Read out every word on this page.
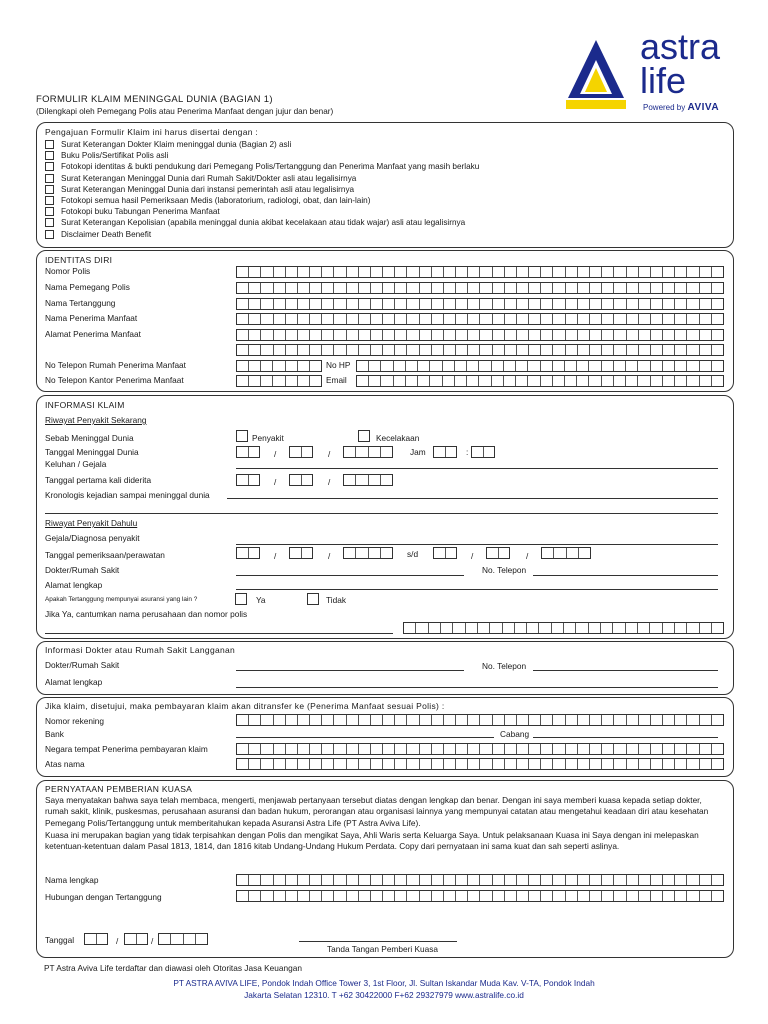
astra
life
Powered by AVIVA
FORMULIR KLAIM MENINGGAL DUNIA (BAGIAN 1)
(Dilengkapi oleh Pemegang Polis atau Penerima Manfaat dengan jujur dan benar)
Pengajuan Formulir Klaim ini harus disertai dengan :
Surat Keterangan Dokter Klaim meninggal dunia (Bagian 2) asli
Buku Polis/Sertifikat Polis asli
Fotokopi identitas & bukti pendukung dari Pemegang Polis/Tertanggung dan Penerima Manfaat yang masih berlaku
Surat Keterangan Meninggal Dunia dari Rumah Sakit/Dokter asli atau legalisirnya
Surat Keterangan Meninggal Dunia dari instansi pemerintah asli atau legalisirnya
Fotokopi semua hasil Pemeriksaan Medis (laboratorium, radiologi, obat, dan lain-lain)
Fotokopi buku Tabungan Penerima Manfaat
Surat Keterangan Kepolisian (apabila meninggal dunia akibat kecelakaan atau tidak wajar) asli atau legalisirnya
Disclaimer Death Benefit
IDENTITAS DIRI
Nomor Polis
Nama Pemegang Polis
Nama Tertanggung
Nama Penerima Manfaat
Alamat Penerima Manfaat
No Telepon Rumah Penerima Manfaat	No HP
No Telepon Kantor Penerima Manfaat	Email
INFORMASI KLAIM
Riwayat Penyakit Sekarang
Sebab Meninggal Dunia	Penyakit	Kecelakaan
Tanggal Meninggal Dunia	/	/	Jam	:
Keluhan / Gejala
Tanggal pertama kali diderita	/	/
Kronologis kejadian sampai meninggal dunia
Riwayat Penyakit Dahulu
Gejala/Diagnosa penyakit
Tanggal pemeriksaan/perawatan	/	/	s/d	/	/
Dokter/Rumah Sakit	No. Telepon
Alamat lengkap
Apakah Tertanggung mempunyai asuransi yang lain ?	Ya	Tidak
Jika Ya, cantumkan nama perusahaan dan nomor polis
Informasi Dokter atau Rumah Sakit Langganan
Dokter/Rumah Sakit	No. Telepon
Alamat lengkap
Jika klaim, disetujui, maka pembayaran klaim akan ditransfer ke (Penerima Manfaat sesuai Polis) :
Nomor rekening
Bank	Cabang
Negara tempat Penerima pembayaran klaim
Atas nama
PERNYATAAN PEMBERIAN KUASA
Saya menyatakan bahwa saya telah membaca, mengerti, menjawab pertanyaan tersebut diatas dengan lengkap dan benar. Dengan ini saya memberi kuasa kepada setiap dokter, rumah sakit, klinik, puskesmas, perusahaan asuransi dan badan hukum, perorangan atau organisasi lainnya yang mempunyai catatan atau mengetahui keadaan diri atau kesehatan Pemegang Polis/Tertanggung untuk memberitahukan kepada Asuransi Astra Life (PT Astra Aviva Life).
Kuasa ini merupakan bagian yang tidak terpisahkan dengan Polis dan mengikat Saya, Ahli Waris serta Keluarga Saya. Untuk pelaksanaan Kuasa ini Saya dengan ini melepaskan ketentuan-ketentuan dalam Pasal 1813, 1814, dan 1816 kitab Undang-Undang Hukum Perdata. Copy dari pernyataan ini sama kuat dan sah seperti aslinya.
Nama lengkap
Hubungan dengan Tertanggung
Tanggal	/	/
Tanda Tangan Pemberi Kuasa
PT Astra Aviva Life terdaftar dan diawasi oleh Otoritas Jasa Keuangan
PT ASTRA AVIVA LIFE, Pondok Indah Office Tower 3, 1st Floor, Jl. Sultan Iskandar Muda Kav. V-TA, Pondok Indah
Jakarta Selatan 12310. T +62 30422000 F+62 29327979 www.astralife.co.id
